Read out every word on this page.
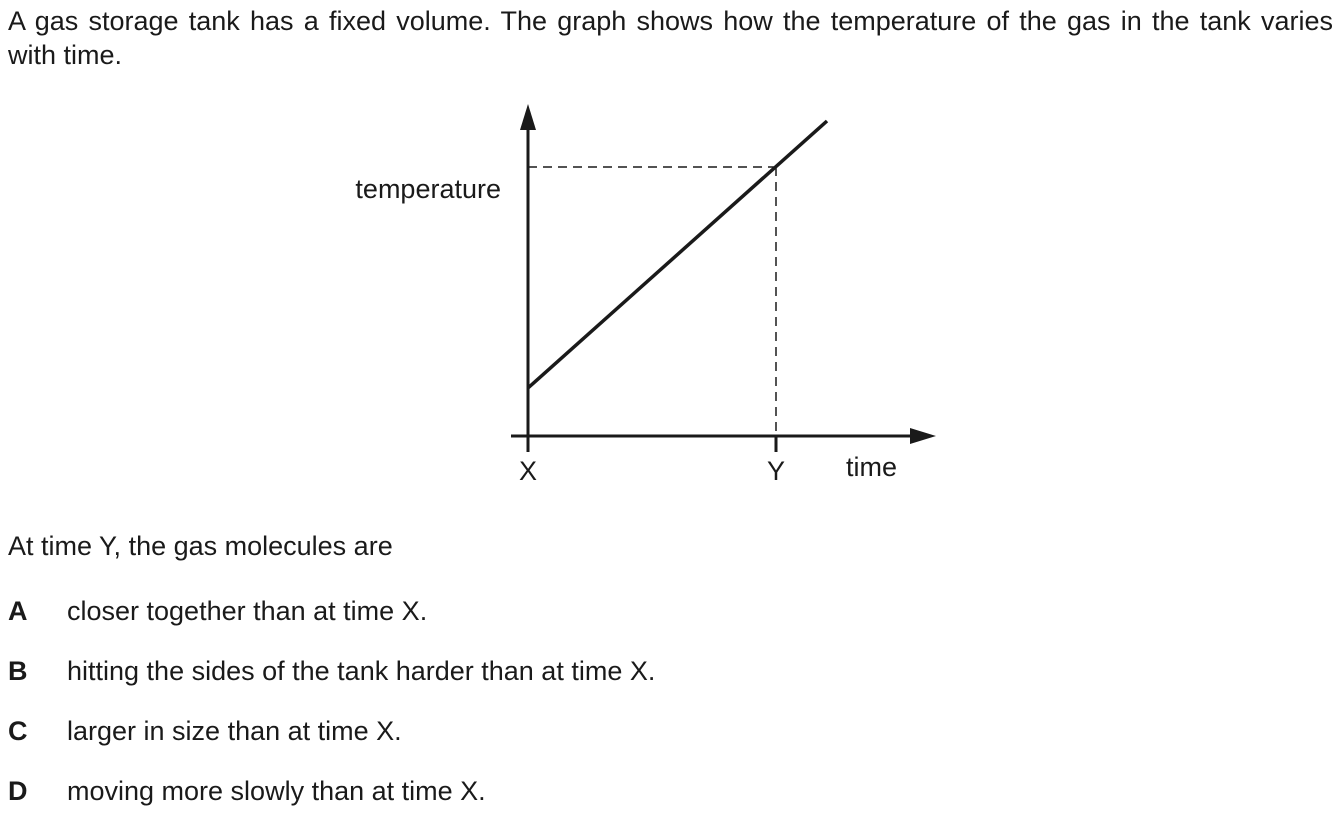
A gas storage tank has a fixed volume. The graph shows how the temperature of the gas in the tank varies with time.

temperature
time
X	Y

At time Y, the gas molecules are

A	closer together than at time X.
B	hitting the sides of the tank harder than at time X.
C	larger in size than at time X.
D	moving more slowly than at time X.
